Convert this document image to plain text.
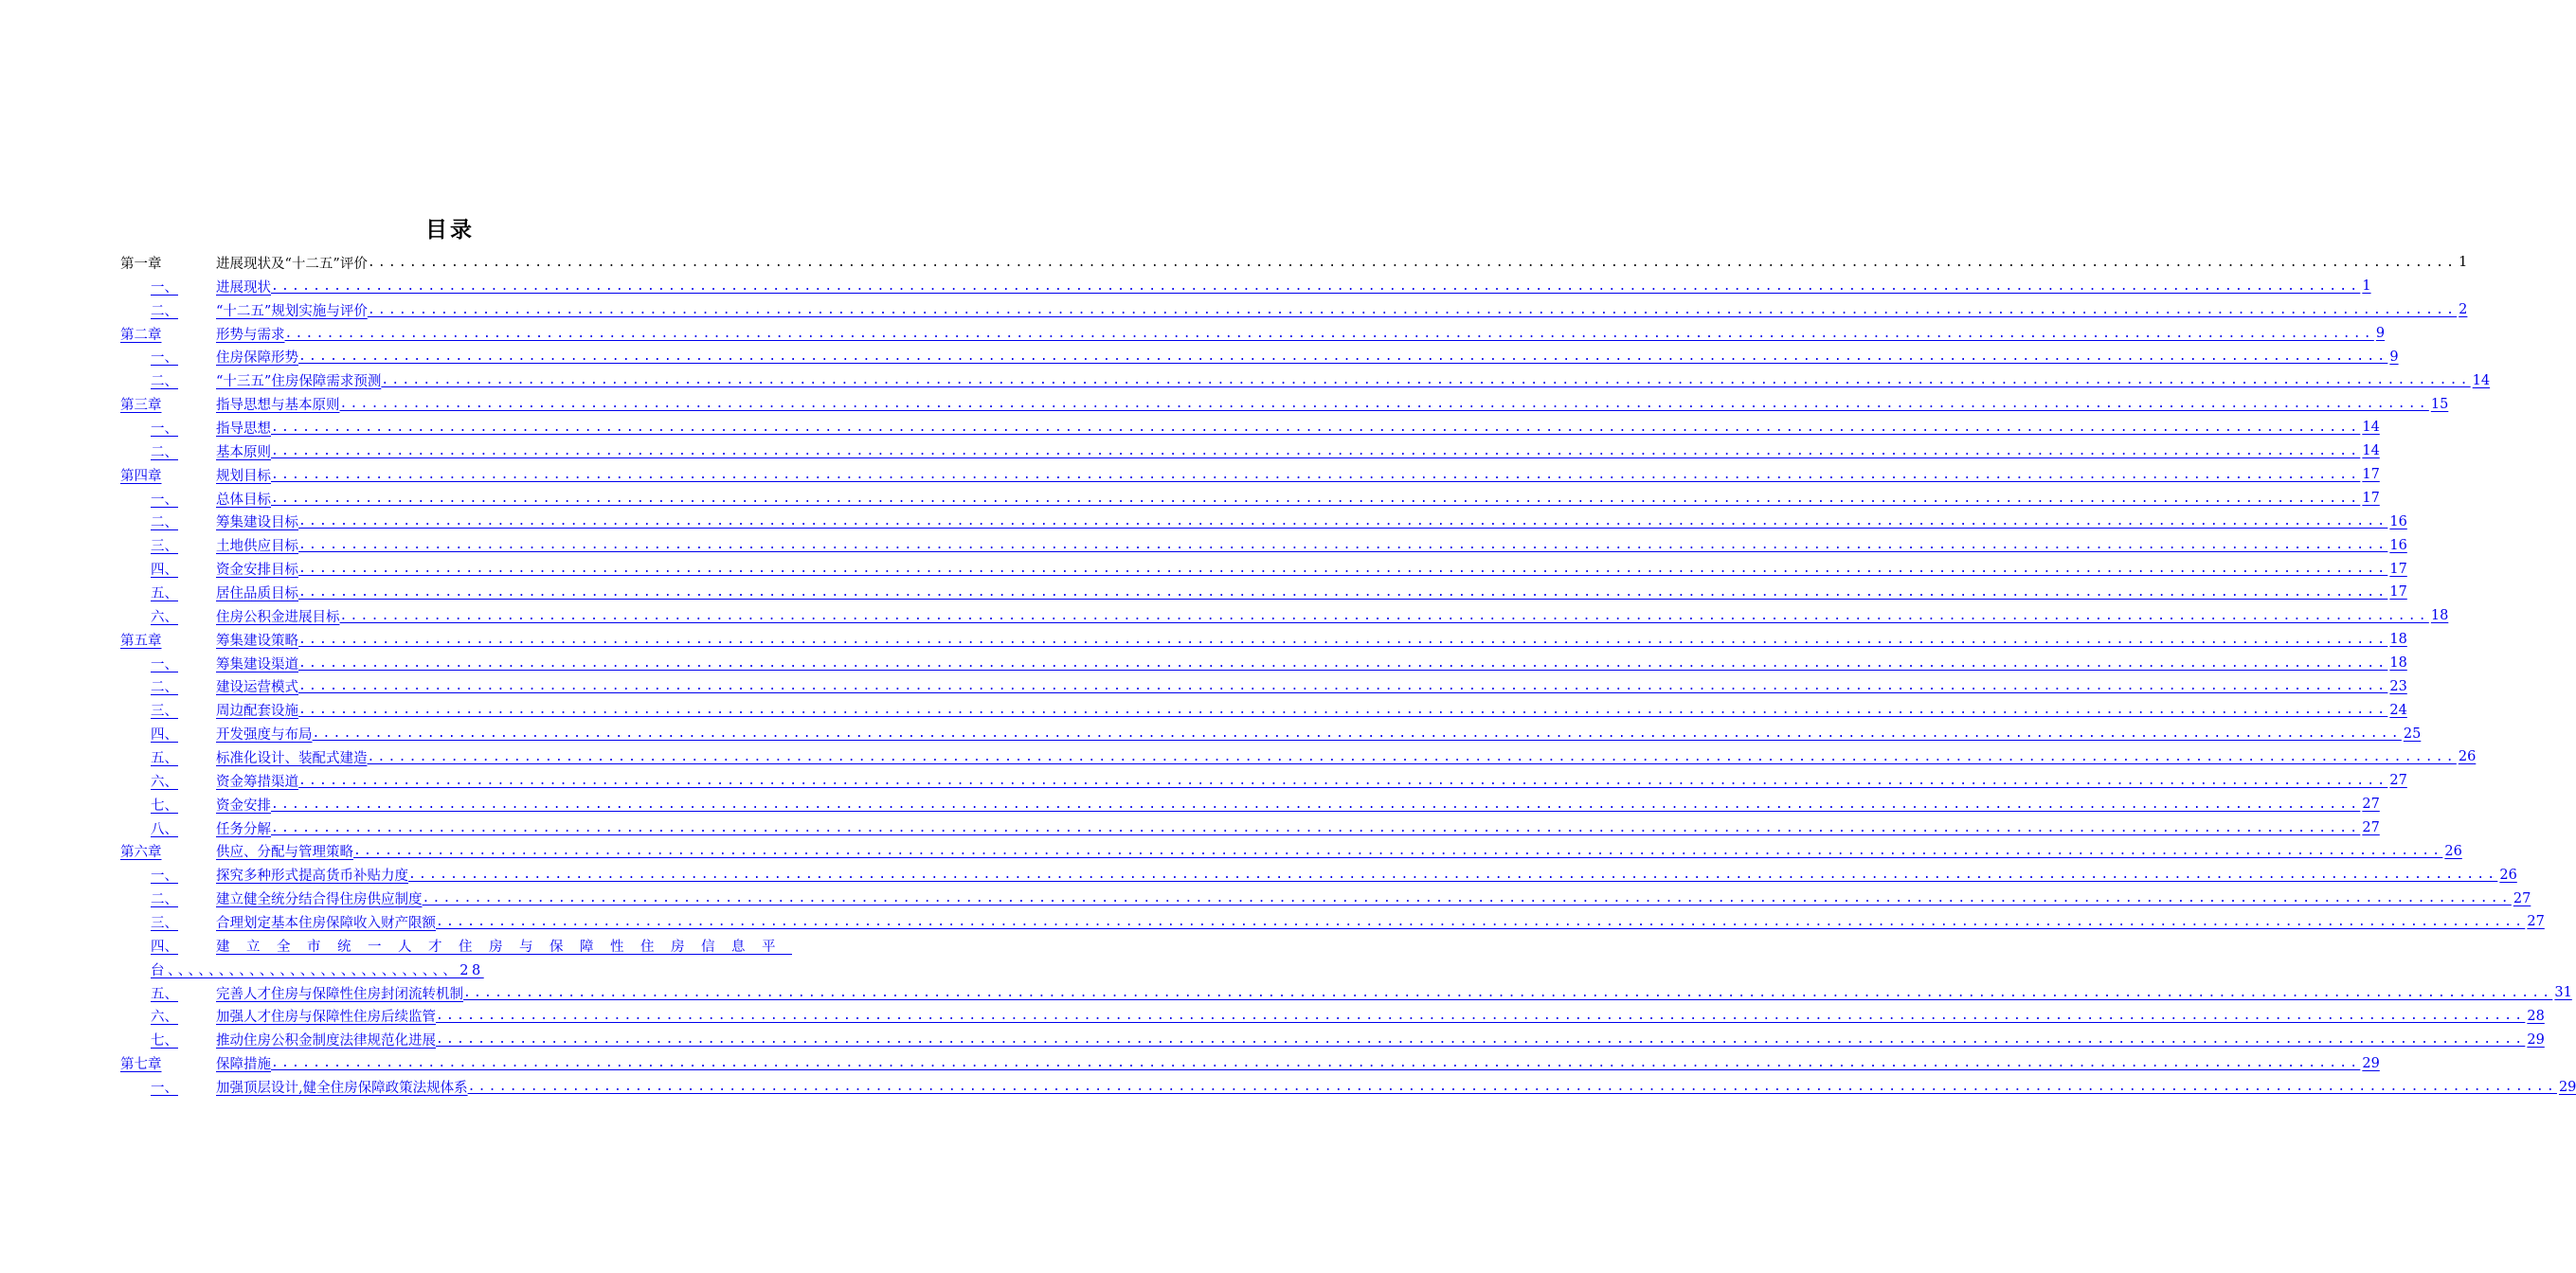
目录
第一章	进展现状及“十二五”评价 ........................................................................................................................................................................................................ 1
一、	进展现状 ........................................................................................................................................................................................................ 1
二、	“十二五”规划实施与评价 ........................................................................................................................................................................................................ 2
第二章	形势与需求 ........................................................................................................................................................................................................ 9
一、	住房保障形势 ........................................................................................................................................................................................................ 9
二、	“十三五”住房保障需求预测 ........................................................................................................................................................................................................ 14
第三章	指导思想与基本原则 ........................................................................................................................................................................................................ 15
一、	指导思想 ........................................................................................................................................................................................................ 14
二、	基本原则 ........................................................................................................................................................................................................ 14
第四章	规划目标 ........................................................................................................................................................................................................ 17
一、	总体目标 ........................................................................................................................................................................................................ 17
二、	筹集建设目标 ........................................................................................................................................................................................................ 16
三、	土地供应目标 ........................................................................................................................................................................................................ 16
四、	资金安排目标 ........................................................................................................................................................................................................ 17
五、	居住品质目标 ........................................................................................................................................................................................................ 17
六、	住房公积金进展目标 ........................................................................................................................................................................................................ 18
第五章	筹集建设策略 ........................................................................................................................................................................................................ 18
一、	筹集建设渠道 ........................................................................................................................................................................................................ 18
二、	建设运营模式 ........................................................................................................................................................................................................ 23
三、	周边配套设施 ........................................................................................................................................................................................................ 24
四、	开发强度与布局 ........................................................................................................................................................................................................ 25
五、	标准化设计、装配式建造 ........................................................................................................................................................................................................ 26
六、	资金筹措渠道 ........................................................................................................................................................................................................ 27
七、	资金安排 ........................................................................................................................................................................................................ 27
八、	任务分解 ........................................................................................................................................................................................................ 27
第六章	供应、分配与管理策略 ........................................................................................................................................................................................................ 26
一、	探究多种形式提高货币补贴力度 ........................................................................................................................................................................................................ 26
二、	建立健全统分结合得住房供应制度 ........................................................................................................................................................................................................ 27
三、	合理划定基本住房保障收入财产限额 ........................................................................................................................................................................................................ 27
四、	建立全市统一人才住房与保障性住房信息平
台、、、、、、、、、、、、、、、、、、、、、、、、、、、、28
五、	完善人才住房与保障性住房封闭流转机制 ........................................................................................................................................................................................................ 31
六、	加强人才住房与保障性住房后续监管 ........................................................................................................................................................................................................ 28
七、	推动住房公积金制度法律规范化进展 ........................................................................................................................................................................................................ 29
第七章	保障措施 ........................................................................................................................................................................................................ 29
一、	加强顶层设计,健全住房保障政策法规体系 ........................................................................................................................................................................................................ 29
